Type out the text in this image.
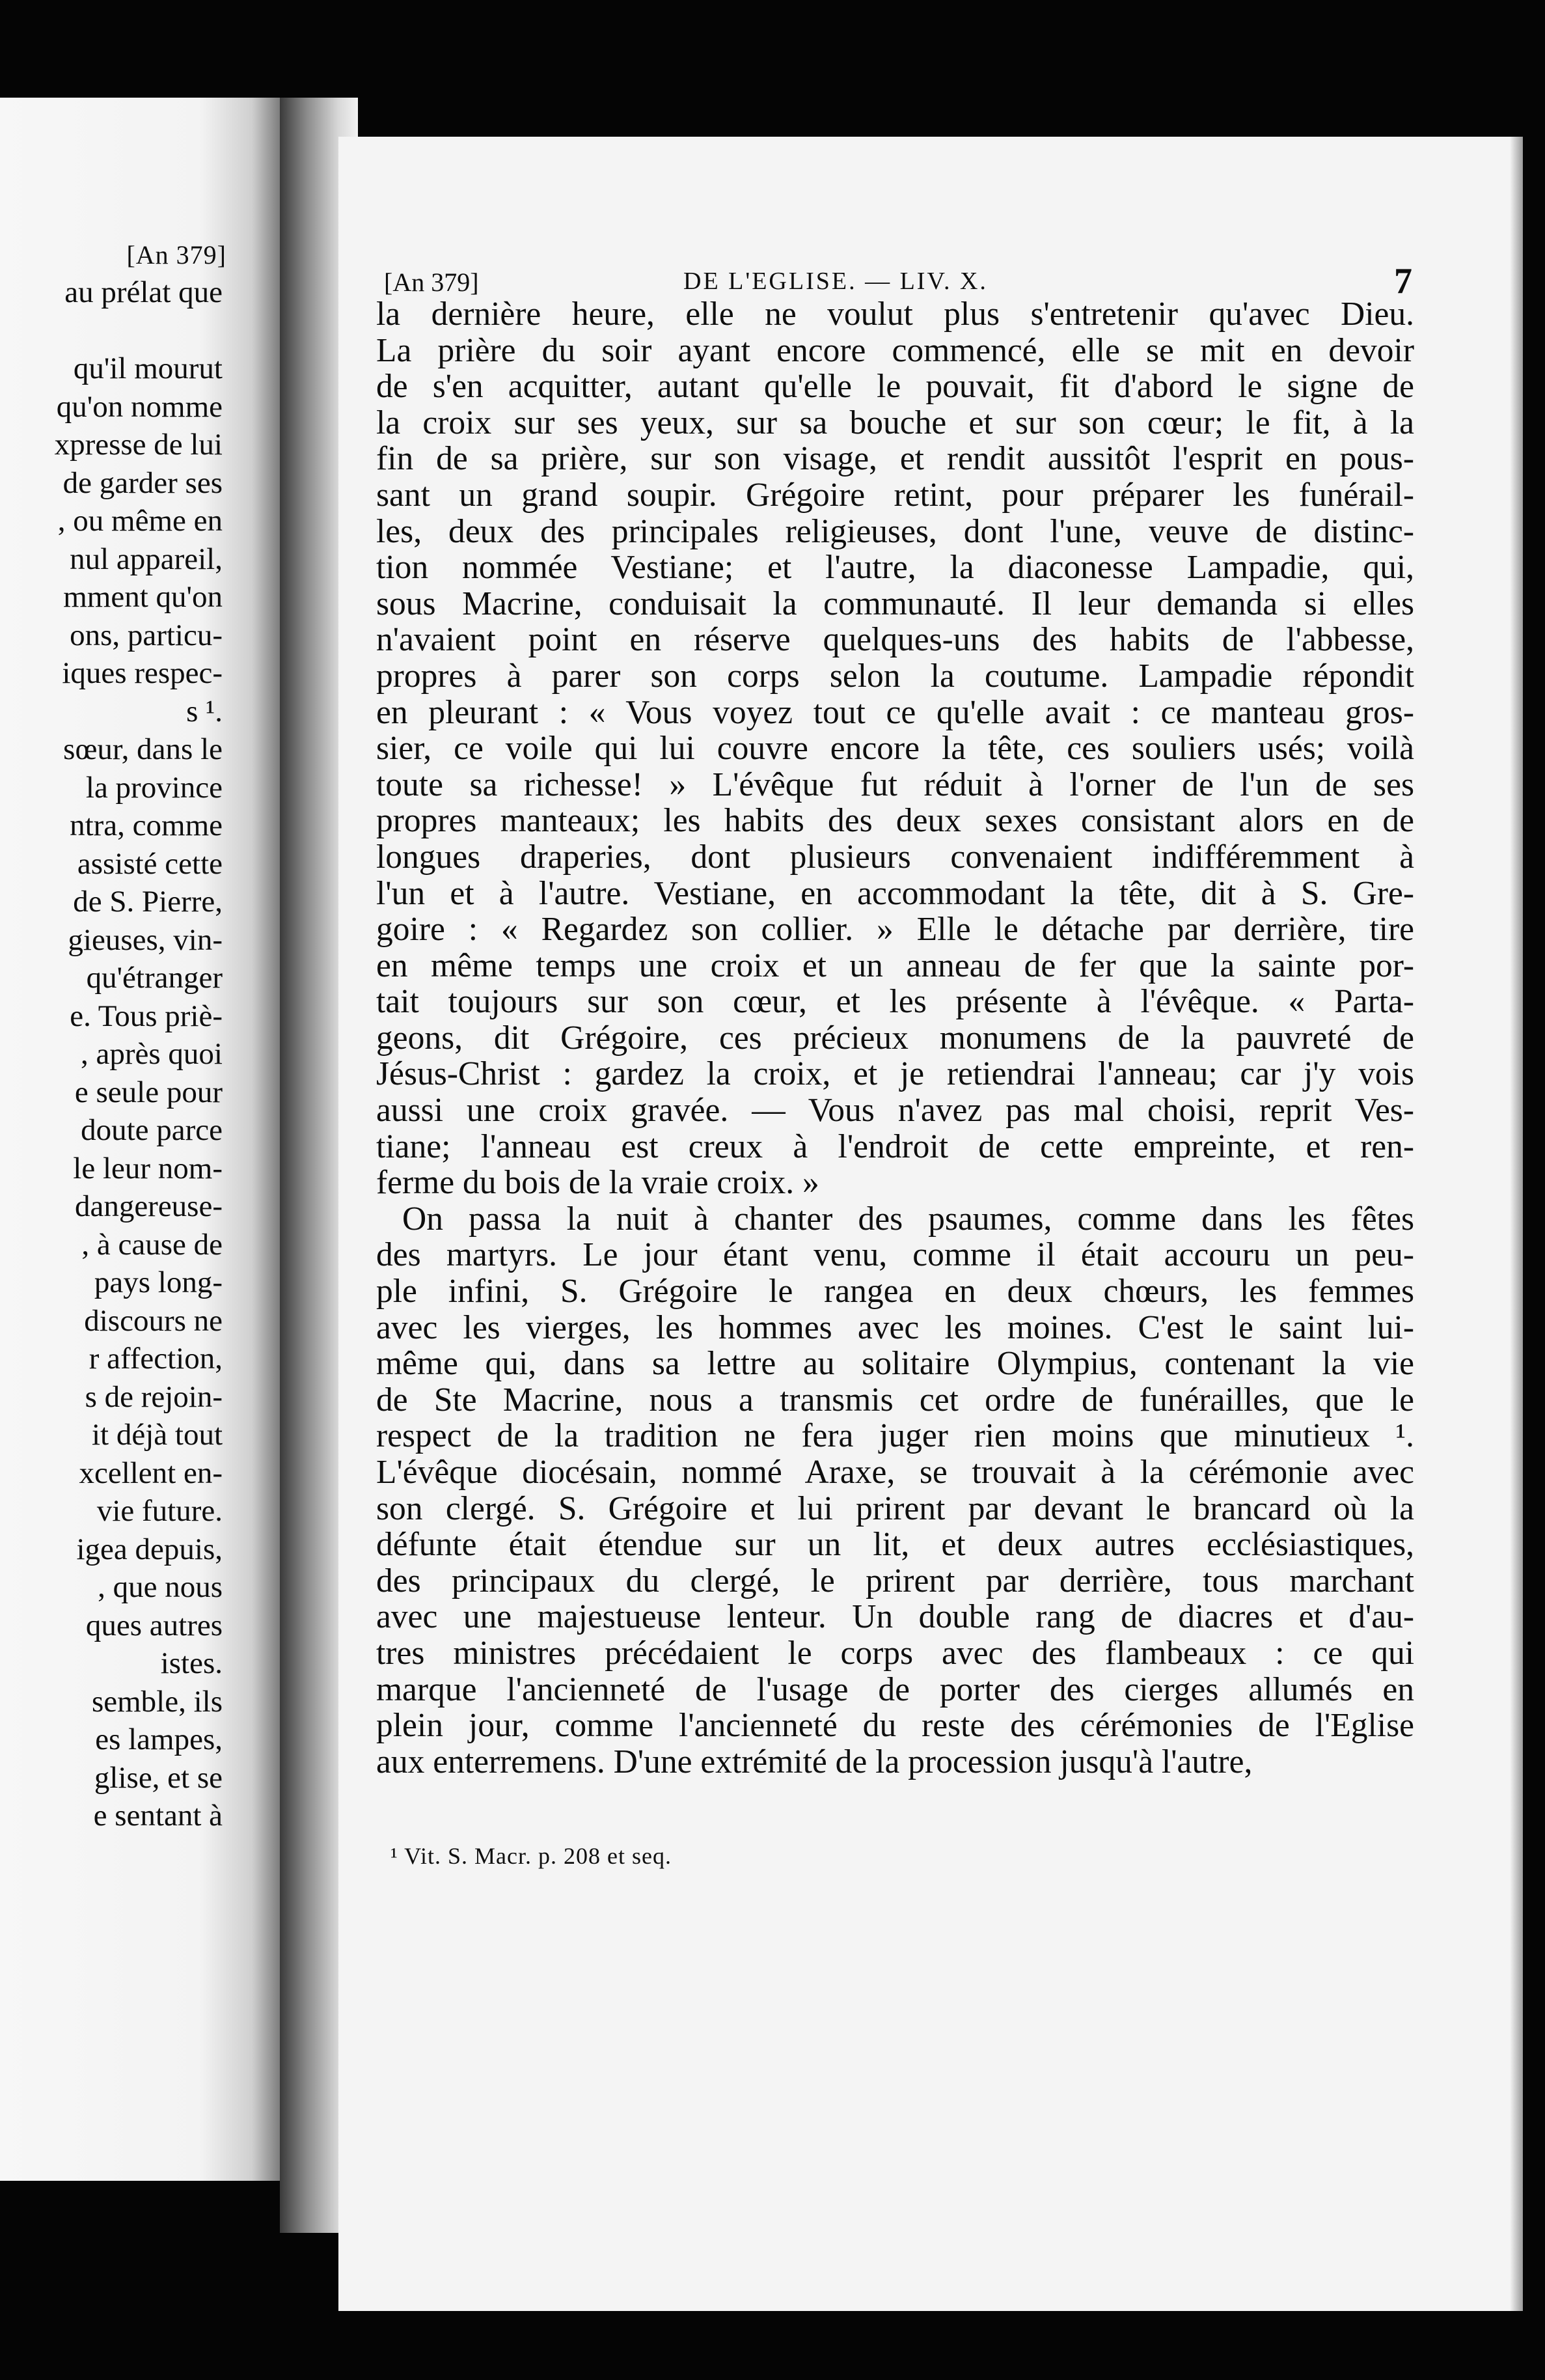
[An 379]
au prélat que
qu'il mourut
qu'on nomme
xpresse de lui
de garder ses
, ou même en
nul appareil,
mment qu'on
ons, particu-
iques respec-
s ¹.
sœur, dans le
la province
ntra, comme
assisté cette
de S. Pierre,
gieuses, vin-
qu'étranger
e. Tous priè-
, après quoi
e seule pour
doute parce
le leur nom-
dangereuse-
, à cause de
pays long-
discours ne
r affection,
s de rejoin-
it déjà tout
xcellent en-
vie future.
igea depuis,
, que nous
ques autres
istes.
semble, ils
es lampes,
glise, et se
e sentant à
[An 379]	DE L'EGLISE. — LIV. X.	7
la dernière heure, elle ne voulut plus s'entretenir qu'avec Dieu.
La prière du soir ayant encore commencé, elle se mit en devoir
de s'en acquitter, autant qu'elle le pouvait, fit d'abord le signe de
la croix sur ses yeux, sur sa bouche et sur son cœur; le fit, à la
fin de sa prière, sur son visage, et rendit aussitôt l'esprit en pous-
sant un grand soupir. Grégoire retint, pour préparer les funérail-
les, deux des principales religieuses, dont l'une, veuve de distinc-
tion nommée Vestiane; et l'autre, la diaconesse Lampadie, qui,
sous Macrine, conduisait la communauté. Il leur demanda si elles
n'avaient point en réserve quelques-uns des habits de l'abbesse,
propres à parer son corps selon la coutume. Lampadie répondit
en pleurant : « Vous voyez tout ce qu'elle avait : ce manteau gros-
sier, ce voile qui lui couvre encore la tête, ces souliers usés; voilà
toute sa richesse! » L'évêque fut réduit à l'orner de l'un de ses
propres manteaux; les habits des deux sexes consistant alors en de
longues draperies, dont plusieurs convenaient indifféremment à
l'un et à l'autre. Vestiane, en accommodant la tête, dit à S. Gre-
goire : « Regardez son collier. » Elle le détache par derrière, tire
en même temps une croix et un anneau de fer que la sainte por-
tait toujours sur son cœur, et les présente à l'évêque. « Parta-
geons, dit Grégoire, ces précieux monumens de la pauvreté de
Jésus-Christ : gardez la croix, et je retiendrai l'anneau; car j'y vois
aussi une croix gravée. — Vous n'avez pas mal choisi, reprit Ves-
tiane; l'anneau est creux à l'endroit de cette empreinte, et ren-
ferme du bois de la vraie croix. »
On passa la nuit à chanter des psaumes, comme dans les fêtes
des martyrs. Le jour étant venu, comme il était accouru un peu-
ple infini, S. Grégoire le rangea en deux chœurs, les femmes
avec les vierges, les hommes avec les moines. C'est le saint lui-
même qui, dans sa lettre au solitaire Olympius, contenant la vie
de Ste Macrine, nous a transmis cet ordre de funérailles, que le
respect de la tradition ne fera juger rien moins que minutieux ¹.
L'évêque diocésain, nommé Araxe, se trouvait à la cérémonie avec
son clergé. S. Grégoire et lui prirent par devant le brancard où la
défunte était étendue sur un lit, et deux autres ecclésiastiques,
des principaux du clergé, le prirent par derrière, tous marchant
avec une majestueuse lenteur. Un double rang de diacres et d'au-
tres ministres précédaient le corps avec des flambeaux : ce qui
marque l'ancienneté de l'usage de porter des cierges allumés en
plein jour, comme l'ancienneté du reste des cérémonies de l'Eglise
aux enterremens. D'une extrémité de la procession jusqu'à l'autre,
¹ Vit. S. Macr. p. 208 et seq.
